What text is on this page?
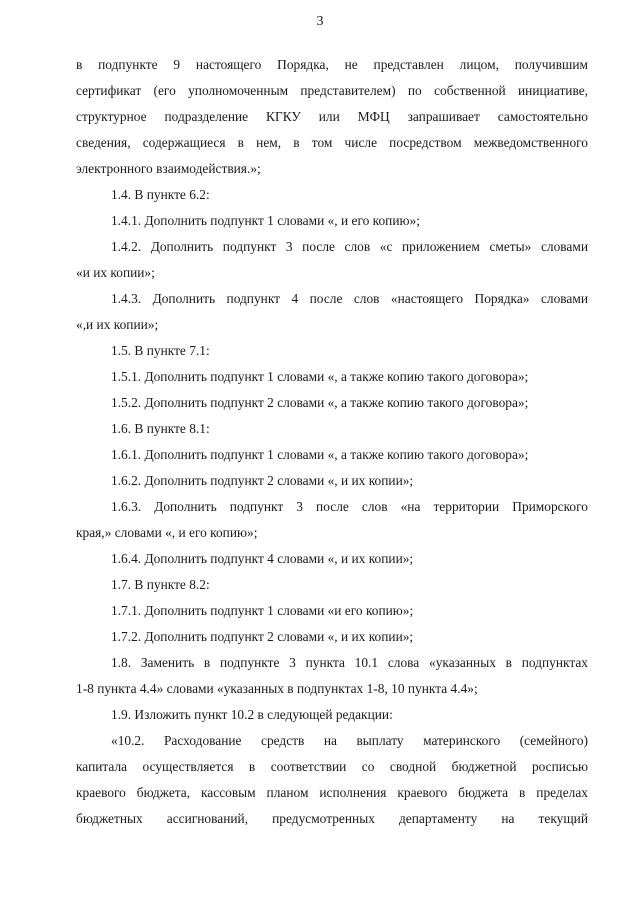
3
в подпункте 9 настоящего Порядка, не представлен лицом, получившим
сертификат (его уполномоченным представителем) по собственной инициативе,
структурное подразделение КГКУ или МФЦ запрашивает самостоятельно
сведения, содержащиеся в нем, в том числе посредством межведомственного
электронного взаимодействия.»;
1.4. В пункте 6.2:
1.4.1. Дополнить подпункт 1 словами «, и его копию»;
1.4.2. Дополнить подпункт 3 после слов «с приложением сметы» словами
«и их копии»;
1.4.3. Дополнить подпункт 4 после слов «настоящего Порядка» словами
«,и их копии»;
1.5. В пункте 7.1:
1.5.1. Дополнить подпункт 1 словами «, а также копию такого договора»;
1.5.2. Дополнить подпункт 2 словами «, а также копию такого договора»;
1.6. В пункте 8.1:
1.6.1. Дополнить подпункт 1 словами «, а также копию такого договора»;
1.6.2. Дополнить подпункт 2 словами «, и их копии»;
1.6.3. Дополнить подпункт 3 после слов «на территории Приморского
края,» словами «, и его копию»;
1.6.4. Дополнить подпункт 4 словами «, и их копии»;
1.7. В пункте 8.2:
1.7.1. Дополнить подпункт 1 словами «и его копию»;
1.7.2. Дополнить подпункт 2 словами «, и их копии»;
1.8. Заменить в подпункте 3 пункта 10.1 слова «указанных в подпунктах
1-8 пункта 4.4» словами «указанных в подпунктах 1-8, 10 пункта 4.4»;
1.9. Изложить пункт 10.2 в следующей редакции:
«10.2. Расходование средств на выплату материнского (семейного)
капитала осуществляется в соответствии со сводной бюджетной росписью
краевого бюджета, кассовым планом исполнения краевого бюджета в пределах
бюджетных ассигнований, предусмотренных департаменту на текущий
